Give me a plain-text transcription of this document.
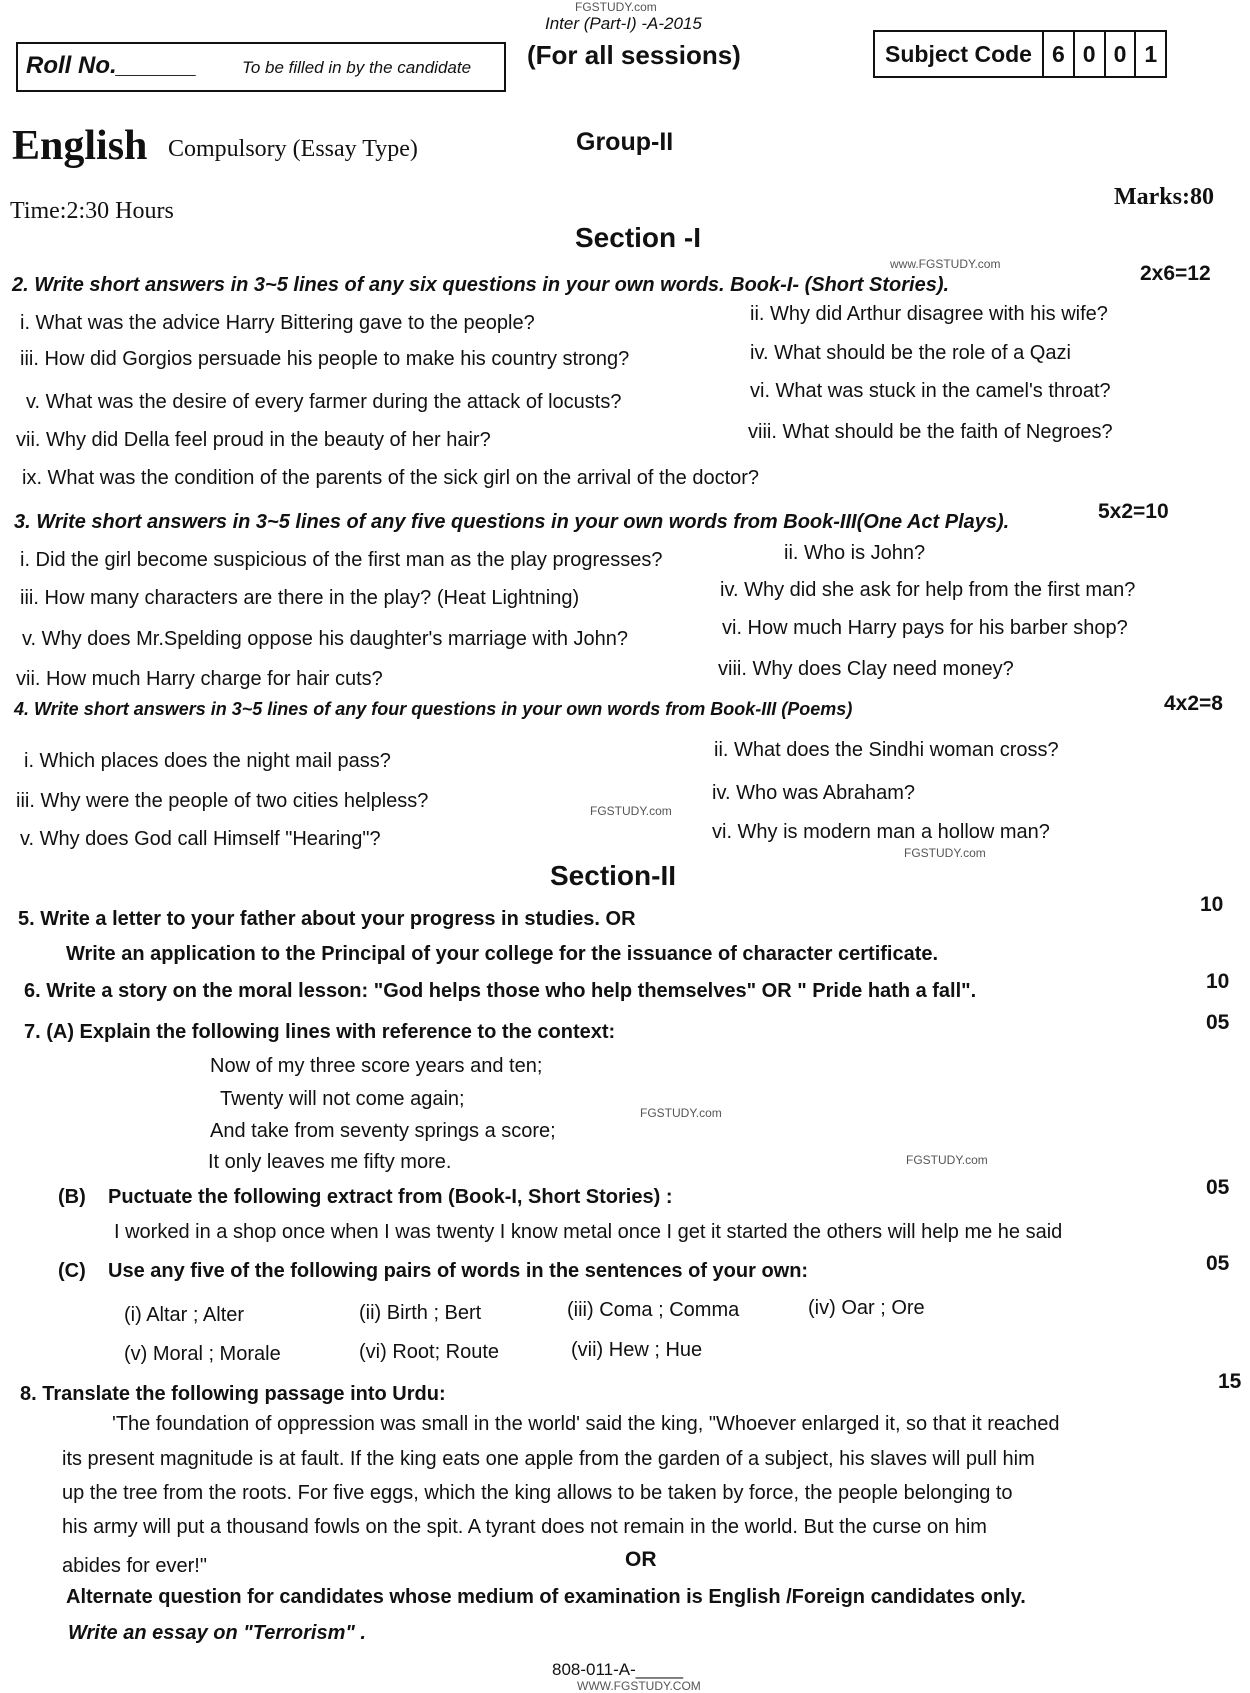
FGSTUDY.com
Inter (Part-I) -A-2015
Roll No.______	To be filled in by the candidate (For all sessions)	Subject Code 6 0 0 1
English Compulsory (Essay Type)	Group-II
Time:2:30 Hours
Marks:80
Section -I
www.FGSTUDY.com
2. Write short answers in 3~5 lines of any six questions in your own words. Book-I- (Short Stories).	2x6=12
i. What was the advice Harry Bittering gave to the people?	ii. Why did Arthur disagree with his wife?
iii. How did Gorgios persuade his people to make his country strong?	iv. What should be the role of a Qazi
v. What was the desire of every farmer during the attack of locusts?	vi. What was stuck in the camel's throat?
vii. Why did Della feel proud in the beauty of her hair?	viii. What should be the faith of Negroes?
ix. What was the condition of the parents of the sick girl on the arrival of the doctor?
3. Write short answers in 3~5 lines of any five questions in your own words from Book-III(One Act Plays).	5x2=10
i. Did the girl become suspicious of the first man as the play progresses?	ii. Who is John?
iii. How many characters are there in the play? (Heat Lightning)	iv. Why did she ask for help from the first man?
v. Why does Mr.Spelding oppose his daughter's marriage with John?	vi. How much Harry pays for his barber shop?
vii. How much Harry charge for hair cuts?	viii. Why does Clay need money?
4. Write short answers in 3~5 lines of any four questions in your own words from Book-III (Poems)	4x2=8
i. Which places does the night mail pass?	ii. What does the Sindhi woman cross?
iii. Why were the people of two cities helpless?	iv. Who was Abraham?
FGSTUDY.com
v. Why does God call Himself "Hearing"?	vi. Why is modern man a hollow man?
FGSTUDY.com
Section-II
5. Write a letter to your father about your progress in studies. OR
10
Write an application to the Principal of your college for the issuance of character certificate.
6. Write a story on the moral lesson: "God helps those who help themselves" OR " Pride hath a fall".	10
7. (A) Explain the following lines with reference to the context:	05
Now of my three score years and ten;
Twenty will not come again;
FGSTUDY.com
And take from seventy springs a score;
It only leaves me fifty more.	FGSTUDY.com
(B) Puctuate the following extract from (Book-I, Short Stories) :	05
I worked in a shop once when I was twenty I know metal once I get it started the others will help me he said
(C) Use any five of the following pairs of words in the sentences of your own:	05
(i) Altar ; Alter	(ii) Birth ; Bert	(iii) Coma ; Comma	(iv) Oar ; Ore
(v) Moral ; Morale	(vi) Root; Route	(vii) Hew ; Hue
8. Translate the following passage into Urdu:
15
'The foundation of oppression was small in the world' said the king, "Whoever enlarged it, so that it reached
its present magnitude is at fault. If the king eats one apple from the garden of a subject, his slaves will pull him
up the tree from the roots. For five eggs, which the king allows to be taken by force, the people belonging to
his army will put a thousand fowls on the spit. A tyrant does not remain in the world. But the curse on him
abides for ever!"	OR
Alternate question for candidates whose medium of examination is English /Foreign candidates only.
Write an essay on "Terrorism" .
808-011-A-_____
WWW.FGSTUDY.COM
